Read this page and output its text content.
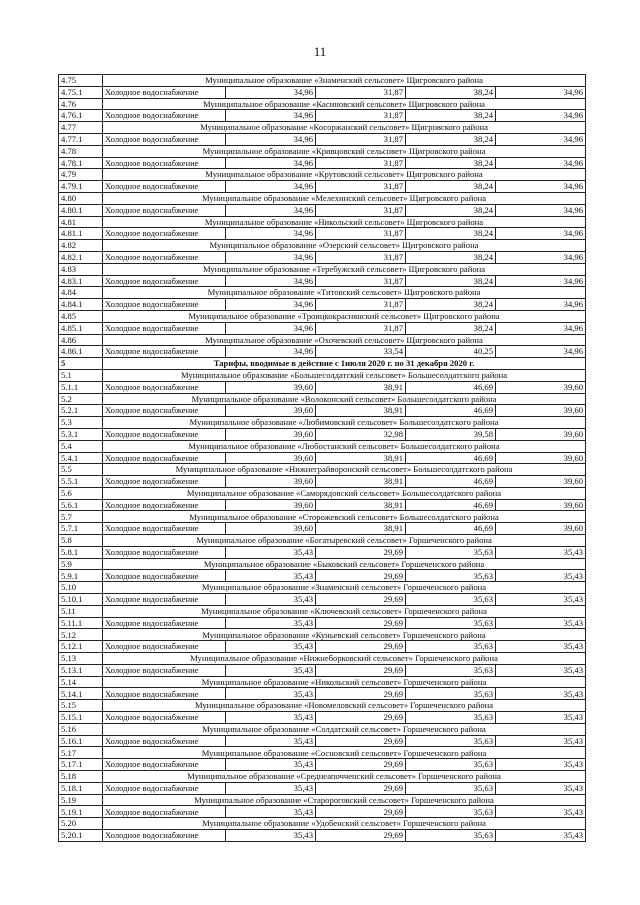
11
4.75	Муниципальное образование «Знаменский сельсовет» Щигровского района				
4.75.1	Холодное водоснабжение	34,96	31,87	38,24	34,96
4.76	Муниципальное образование «Касиновский сельсовет» Щигровского района				
4.76.1	Холодное водоснабжение	34,96	31,87	38,24	34,96
4.77	Муниципальное образование «Косоржанский сельсовет» Щигровского района				
4.77.1	Холодное водоснабжение	34,96	31,87	38,24	34,96
4.78	Муниципальное образование «Кривцовский сельсовет» Щигровского района				
4.78.1	Холодное водоснабжение	34,96	31,87	38,24	34,96
4.79	Муниципальное образование «Крутовский сельсовет» Щигровского района				
4.79.1	Холодное водоснабжение	34,96	31,87	38,24	34,96
4.80	Муниципальное образование «Мелехинский сельсовет» Щигровского района				
4.80.1	Холодное водоснабжение	34,96	31,87	38,24	34,96
4.81	Муниципальное образование «Никольский сельсовет» Щигровского района				
4.81.1	Холодное водоснабжение	34,96	31,87	38,24	34,96
4.82	Муниципальное образование «Озерский сельсовет» Щигровского района				
4.82.1	Холодное водоснабжение	34,96	31,87	38,24	34,96
4.83	Муниципальное образование «Теребужский сельсовет» Щигровского района				
4.83.1	Холодное водоснабжение	34,96	31,87	38,24	34,96
4.84	Муниципальное образование «Титовский сельсовет» Щигровского района				
4.84.1	Холодное водоснабжение	34,96	31,87	38,24	34,96
4.85	Муниципальное образование «Троицкокраснянский сельсовет» Щигровского района				
4.85.1	Холодное водоснабжение	34,96	31,87	38,24	34,96
4.86	Муниципальное образование «Охочевский сельсовет» Щигровского района				
4.86.1	Холодное водоснабжение	34,96	33,54	40,25	34,96
5	Тарифы, вводимые в действие с 1июля 2020 г. по 31 декабря 2020 г.				
5.1	Муниципальное образование «Большесолдатский сельсовет» Большесолдатского района				
5.1.1	Холодное водоснабжение	39,60	38,91	46,69	39,60
5.2	Муниципальное образование «Волоконский сельсовет» Большесолдатского района				
5.2.1	Холодное водоснабжение	39,60	38,91	46,69	39,60
5.3	Муниципальное образование «Любимовский сельсовет» Большесолдатского района				
5.3.1	Холодное водоснабжение	39,60	32,98	39,58	39,60
5.4	Муниципальное образование «Любостанский сельсовет» Большесолдатского района				
5.4.1	Холодное водоснабжение	39,60	38,91	46,69	39,60
5.5	Муниципальное образование «Нижнеграйворонский сельсовет» Большесолдатского района				
5.5.1	Холодное водоснабжение	39,60	38,91	46,69	39,60
5.6	Муниципальное образование «Саморядовский сельсовет» Большесолдатского района				
5.6.1	Холодное водоснабжение	39,60	38,91	46,69	39,60
5.7	Муниципальное образование «Сторожевский сельсовет» Большесолдатского района				
5.7.1	Холодное водоснабжение	39,60	38,91	46,69	39,60
5.8	Муниципальное образование «Богатыревский сельсовет» Горшеченского района				
5.8.1	Холодное водоснабжение	35,43	29,69	35,63	35,43
5.9	Муниципальное образование «Быковский сельсовет» Горшеченского района				
5.9.1	Холодное водоснабжение	35,43	29,69	35,63	35,43
5.10	Муниципальное образование «Знаменский сельсовет» Горшеченского района				
5.10.1	Холодное водоснабжение	35,43	29,69	35,63	35,43
5.11	Муниципальное образование «Ключевский сельсовет» Горшеченского района				
5.11.1	Холодное водоснабжение	35,43	29,69	35,63	35,43
5.12	Муниципальное образование «Куньевский сельсовет» Горшеченского района				
5.12.1	Холодное водоснабжение	35,43	29,69	35,63	35,43
5.13	Муниципальное образование «Нижнеборковский сельсовет» Горшеченского района				
5.13.1	Холодное водоснабжение	35,43	29,69	35,63	35,43
5.14	Муниципальное образование «Никольский сельсовет» Горшеченского района				
5.14.1	Холодное водоснабжение	35,43	29,69	35,63	35,43
5.15	Муниципальное образование «Новомеловский сельсовет» Горшеченского района				
5.15.1	Холодное водоснабжение	35,43	29,69	35,63	35,43
5.16	Муниципальное образование «Солдатский сельсовет» Горшеченского района				
5.16.1	Холодное водоснабжение	35,43	29,69	35,63	35,43
5.17	Муниципальное образование «Сосновский сельсовет» Горшеченского района				
5.17.1	Холодное водоснабжение	35,43	29,69	35,63	35,43
5.18	Муниципальное образование «Среднеапочченский сельсовет» Горшеченского района				
5.18.1	Холодное водоснабжение	35,43	29,69	35,63	35,43
5.19	Муниципальное образование «Старороговский сельсовет» Горшеченского района				
5.19.1	Холодное водоснабжение	35,43	29,69	35,63	35,43
5.20	Муниципальное образование «Удобенский сельсовет» Горшеченского района				
5.20.1	Холодное водоснабжение	35,43	29,69	35,63	35,43
